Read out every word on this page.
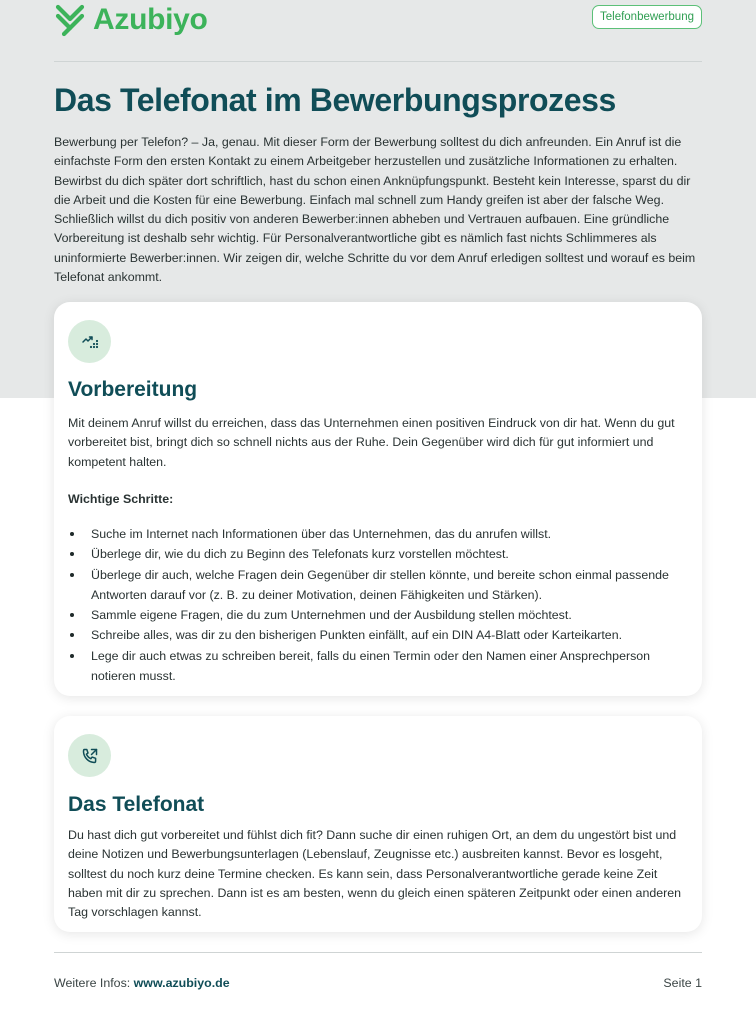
Azubiyo	Telefonbewerbung
Das Telefonat im Bewerbungsprozess

Bewerbung per Telefon? – Ja, genau. Mit dieser Form der Bewerbung solltest du dich anfreunden. Ein Anruf ist die einfachste Form den ersten Kontakt zu einem Arbeitgeber herzustellen und zusätzliche Informationen zu erhalten. Bewirbst du dich später dort schriftlich, hast du schon einen Anknüpfungspunkt. Besteht kein Interesse, sparst du dir die Arbeit und die Kosten für eine Bewerbung. Einfach mal schnell zum Handy greifen ist aber der falsche Weg. Schließlich willst du dich positiv von anderen Bewerber:innen abheben und Vertrauen aufbauen. Eine gründliche Vorbereitung ist deshalb sehr wichtig. Für Personalverantwortliche gibt es nämlich fast nichts Schlimmeres als uninformierte Bewerber:innen. Wir zeigen dir, welche Schritte du vor dem Anruf erledigen solltest und worauf es beim Telefonat ankommt.

Vorbereitung

Mit deinem Anruf willst du erreichen, dass das Unternehmen einen positiven Eindruck von dir hat. Wenn du gut vorbereitet bist, bringt dich so schnell nichts aus der Ruhe. Dein Gegenüber wird dich für gut informiert und kompetent halten.

Wichtige Schritte:

Suche im Internet nach Informationen über das Unternehmen, das du anrufen willst.
Überlege dir, wie du dich zu Beginn des Telefonats kurz vorstellen möchtest.
Überlege dir auch, welche Fragen dein Gegenüber dir stellen könnte, und bereite schon einmal passende Antworten darauf vor (z. B. zu deiner Motivation, deinen Fähigkeiten und Stärken).
Sammle eigene Fragen, die du zum Unternehmen und der Ausbildung stellen möchtest.
Schreibe alles, was dir zu den bisherigen Punkten einfällt, auf ein DIN A4-Blatt oder Karteikarten.
Lege dir auch etwas zu schreiben bereit, falls du einen Termin oder den Namen einer Ansprechperson notieren musst.
Das Telefonat

Du hast dich gut vorbereitet und fühlst dich fit? Dann suche dir einen ruhigen Ort, an dem du ungestört bist und deine Notizen und Bewerbungsunterlagen (Lebenslauf, Zeugnisse etc.) ausbreiten kannst. Bevor es losgeht, solltest du noch kurz deine Termine checken. Es kann sein, dass Personalverantwortliche gerade keine Zeit haben mit dir zu sprechen. Dann ist es am besten, wenn du gleich einen späteren Zeitpunkt oder einen anderen Tag vorschlagen kannst.

Weitere Infos: www.azubiyo.de	Seite 1
